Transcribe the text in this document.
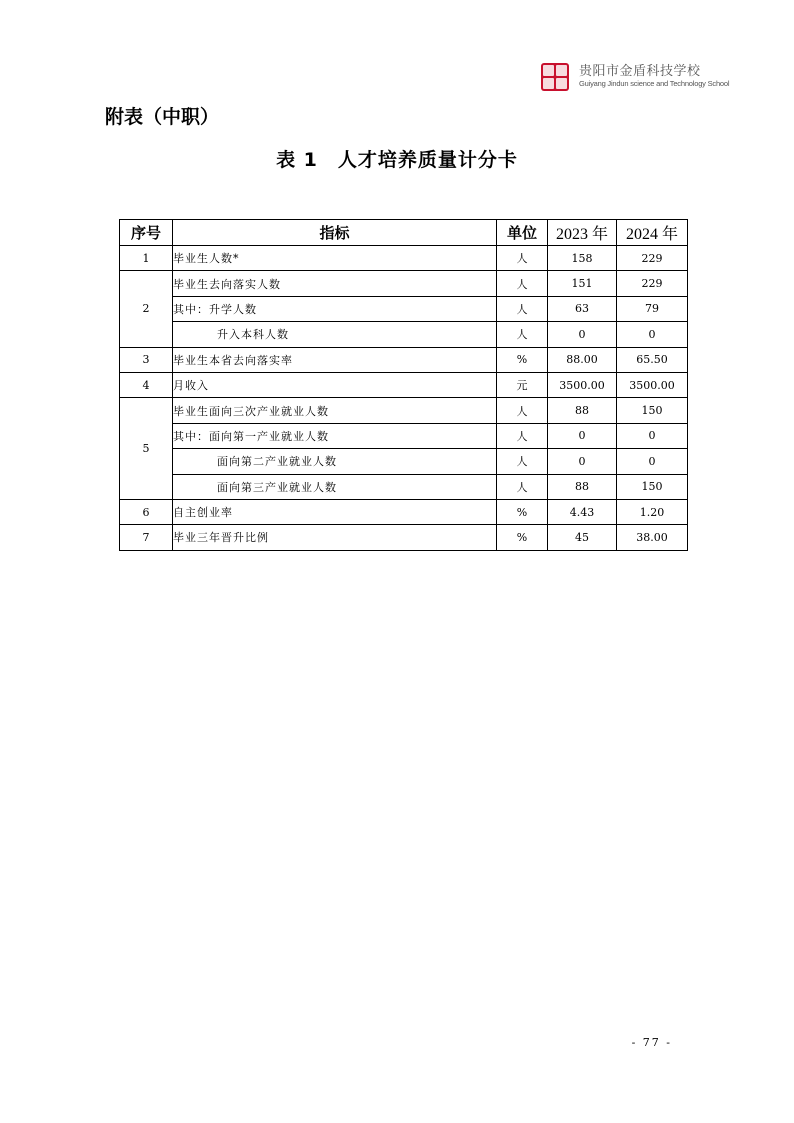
贵阳市金盾科技学校
Guiyang Jindun science and Technology School
附表（中职）
表 1 人才培养质量计分卡
序号	指标	单位	2023 年	2024 年
1	毕业生人数*	人	158	229
2	毕业生去向落实人数	人	151	229
	其中：升学人数	人	63	79
	升入本科人数	人	0	0
3	毕业生本省去向落实率	%	88.00	65.50
4	月收入	元	3500.00	3500.00
5	毕业生面向三次产业就业人数	人	88	150
	其中：面向第一产业就业人数	人	0	0
	面向第二产业就业人数	人	0	0
	面向第三产业就业人数	人	88	150
6	自主创业率	%	4.43	1.20
7	毕业三年晋升比例	%	45	38.00
- 77 -
